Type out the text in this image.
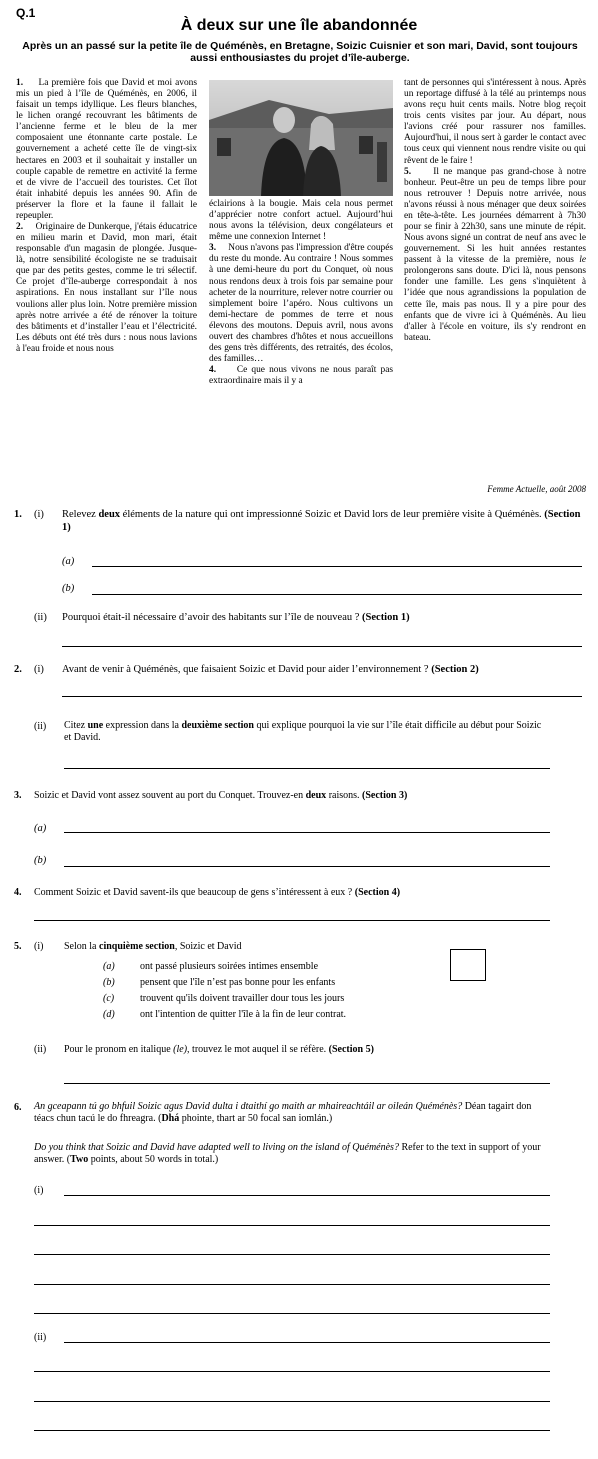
Q.1
À deux sur une île abandonnée
Après un an passé sur la petite île de Quéménès, en Bretagne, Soizic Cuisnier et son mari, David, sont toujours aussi enthousiastes du projet d’île-auberge.

1. La première fois que David et moi avons mis un pied à l’île de Quéménès, en 2006, il faisait un temps idyllique. Les fleurs blanches, le lichen orangé recouvrant les bâtiments de l’ancienne ferme et le bleu de la mer composaient une étonnante carte postale. Le gouvernement a acheté cette île de vingt-six hectares en 2003 et il souhaitait y installer un couple capable de remettre en activité la ferme et de vivre de l’accueil des touristes. Cet îlot était inhabité depuis les années 90. Afin de préserver la flore et la faune il fallait le repeupler.

2. Originaire de Dunkerque, j'étais éducatrice en milieu marin et David, mon mari, était responsable d'un magasin de plongée. Jusque-là, notre sensibilité écologiste ne se traduisait que par des petits gestes, comme le tri sélectif. Ce projet d’île-auberge correspondait à nos aspirations. En nous installant sur l’île nous voulions aller plus loin. Notre première mission après notre arrivée a été de rénover la toiture des bâtiments et d’installer l’eau et l’électricité. Les débuts ont été très durs : nous nous lavions à l'eau froide et nous nous

éclairions à la bougie. Mais cela nous permet d’apprécier notre confort actuel. Aujourd’hui nous avons la télévision, deux congélateurs et même une connexion Internet !

3. Nous n'avons pas l'impression d'être coupés du reste du monde. Au contraire ! Nous sommes à une demi-heure du port du Conquet, où nous nous rendons deux à trois fois par semaine pour acheter de la nourriture, relever notre courrier ou simplement boire l’apéro. Nous cultivons un demi-hectare de pommes de terre et nous élevons des moutons. Depuis avril, nous avons ouvert des chambres d'hôtes et nous accueillons des gens très différents, des retraités, des écolos, des familles…

4. Ce que nous vivons ne nous paraît pas extraordinaire mais il y a

tant de personnes qui s'intéressent à nous. Après un reportage diffusé à la télé au printemps nous avons reçu huit cents mails. Notre blog reçoit trois cents visites par jour. Au départ, nous l'avions créé pour rassurer nos familles. Aujourd'hui, il nous sert à garder le contact avec tous ceux qui viennent nous rendre visite ou qui rêvent de le faire !

5. Il ne manque pas grand-chose à notre bonheur. Peut-être un peu de temps libre pour nous retrouver ! Depuis notre arrivée, nous n'avons réussi à nous ménager que deux soirées en tête-à-tête. Les journées démarrent à 7h30 pour se finir à 22h30, sans une minute de répit. Nous avons signé un contrat de neuf ans avec le gouvernement. Si les huit années restantes passent à la vitesse de la première, nous le prolongerons sans doute. D'ici là, nous pensons fonder une famille. Les gens s'inquiètent à l’idée que nous agrandissions la population de cette île, mais pas nous. Il y a pire pour des enfants que de vivre ici à Quéménès. Au lieu d'aller à l'école en voiture, ils s'y rendront en bateau.

Femme Actuelle, août 2008
1. (i) Relevez deux éléments de la nature qui ont impressionné Soizic et David lors de leur première visite à Quéménès. (Section 1)
(a)
(b)
(ii) Pourquoi était-il nécessaire d’avoir des habitants sur l’île de nouveau ? (Section 1)
2. (i) Avant de venir à Quéménès, que faisaient Soizic et David pour aider l’environnement ? (Section 2)
(ii) Citez une expression dans la deuxième section qui explique pourquoi la vie sur l’île était difficile au début pour Soizic et David.
3. Soizic et David vont assez souvent au port du Conquet. Trouvez-en deux raisons. (Section 3)
(a)
(b)
4. Comment Soizic et David savent-ils que beaucoup de gens s’intéressent à eux ? (Section 4)
5. (i) Selon la cinquième section, Soizic et David
(a)	ont passé plusieurs soirées intimes ensemble
(b)	pensent que l'île n’est pas bonne pour les enfants
(c)	trouvent qu'ils doivent travailler dour tous les jours
(d)	ont l'intention de quitter l'île à la fin de leur contrat.
(ii) Pour le pronom en italique (le), trouvez le mot auquel il se réfère. (Section 5)
6. An gceapann tú go bhfuil Soizic agus David dulta i dtaithí go maith ar mhaireachtáil ar oileán Quéménès? Déan tagairt don téacs chun tacú le do fhreagra. (Dhá phointe, thart ar 50 focal san iomlán.)
Do you think that Soizic and David have adapted well to living on the island of Quéménès? Refer to the text in support of your answer. (Two points, about 50 words in total.)
(i)
(ii)
